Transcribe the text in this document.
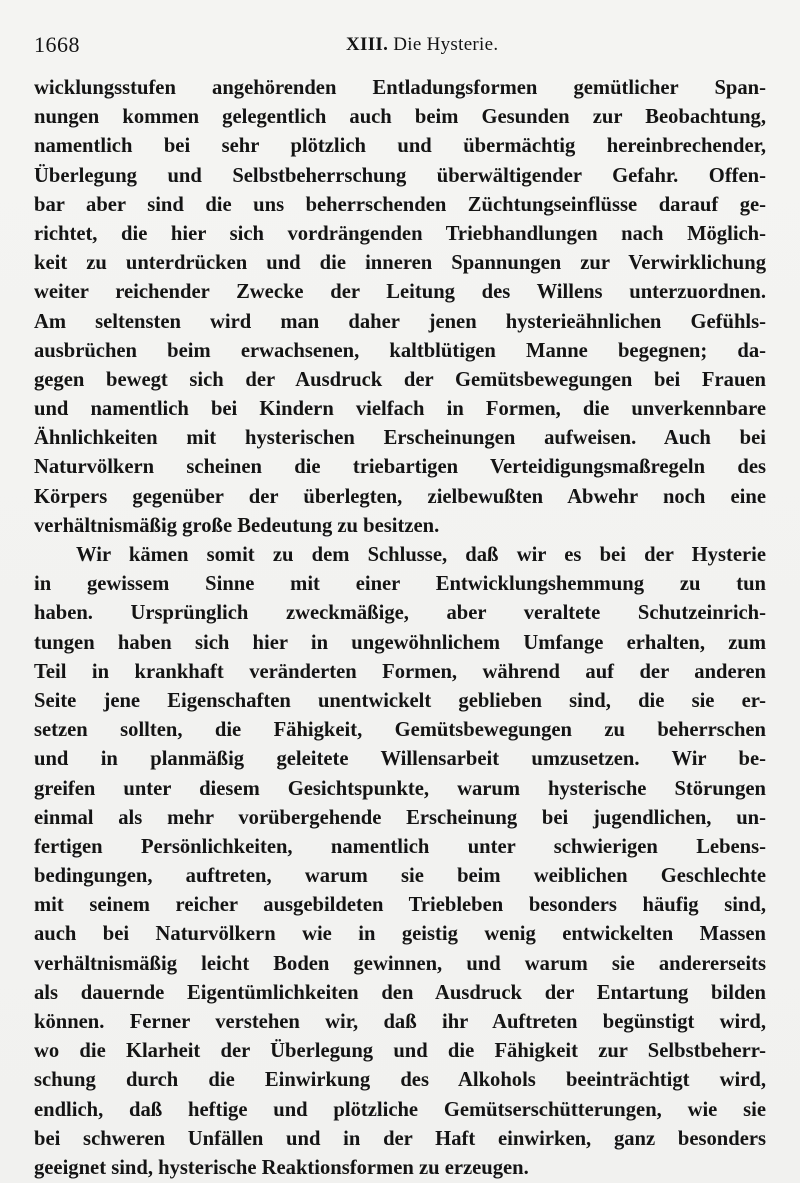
1668	XIII. Die Hysterie.
wicklungsstufen angehörenden Entladungsformen gemütlicher Span-
nungen kommen gelegentlich auch beim Gesunden zur Beobachtung,
namentlich bei sehr plötzlich und übermächtig hereinbrechender,
Überlegung und Selbstbeherrschung überwältigender Gefahr. Offen-
bar aber sind die uns beherrschenden Züchtungseinflüsse darauf ge-
richtet, die hier sich vordrängenden Triebhandlungen nach Möglich-
keit zu unterdrücken und die inneren Spannungen zur Verwirklichung
weiter reichender Zwecke der Leitung des Willens unterzuordnen.
Am seltensten wird man daher jenen hysterieähnlichen Gefühls-
ausbrüchen beim erwachsenen, kaltblütigen Manne begegnen; da-
gegen bewegt sich der Ausdruck der Gemütsbewegungen bei Frauen
und namentlich bei Kindern vielfach in Formen, die unverkennbare
Ähnlichkeiten mit hysterischen Erscheinungen aufweisen. Auch bei
Naturvölkern scheinen die triebartigen Verteidigungsmaßregeln des
Körpers gegenüber der überlegten, zielbewußten Abwehr noch eine
verhältnismäßig große Bedeutung zu besitzen.
Wir kämen somit zu dem Schlusse, daß wir es bei der Hysterie
in gewissem Sinne mit einer Entwicklungshemmung zu tun
haben. Ursprünglich zweckmäßige, aber veraltete Schutzeinrich-
tungen haben sich hier in ungewöhnlichem Umfange erhalten, zum
Teil in krankhaft veränderten Formen, während auf der anderen
Seite jene Eigenschaften unentwickelt geblieben sind, die sie er-
setzen sollten, die Fähigkeit, Gemütsbewegungen zu beherrschen
und in planmäßig geleitete Willensarbeit umzusetzen. Wir be-
greifen unter diesem Gesichtspunkte, warum hysterische Störungen
einmal als mehr vorübergehende Erscheinung bei jugendlichen, un-
fertigen Persönlichkeiten, namentlich unter schwierigen Lebens-
bedingungen, auftreten, warum sie beim weiblichen Geschlechte
mit seinem reicher ausgebildeten Triebleben besonders häufig sind,
auch bei Naturvölkern wie in geistig wenig entwickelten Massen
verhältnismäßig leicht Boden gewinnen, und warum sie andererseits
als dauernde Eigentümlichkeiten den Ausdruck der Entartung bilden
können. Ferner verstehen wir, daß ihr Auftreten begünstigt wird,
wo die Klarheit der Überlegung und die Fähigkeit zur Selbstbeherr-
schung durch die Einwirkung des Alkohols beeinträchtigt wird,
endlich, daß heftige und plötzliche Gemütserschütterungen, wie sie
bei schweren Unfällen und in der Haft einwirken, ganz besonders
geeignet sind, hysterische Reaktionsformen zu erzeugen.
